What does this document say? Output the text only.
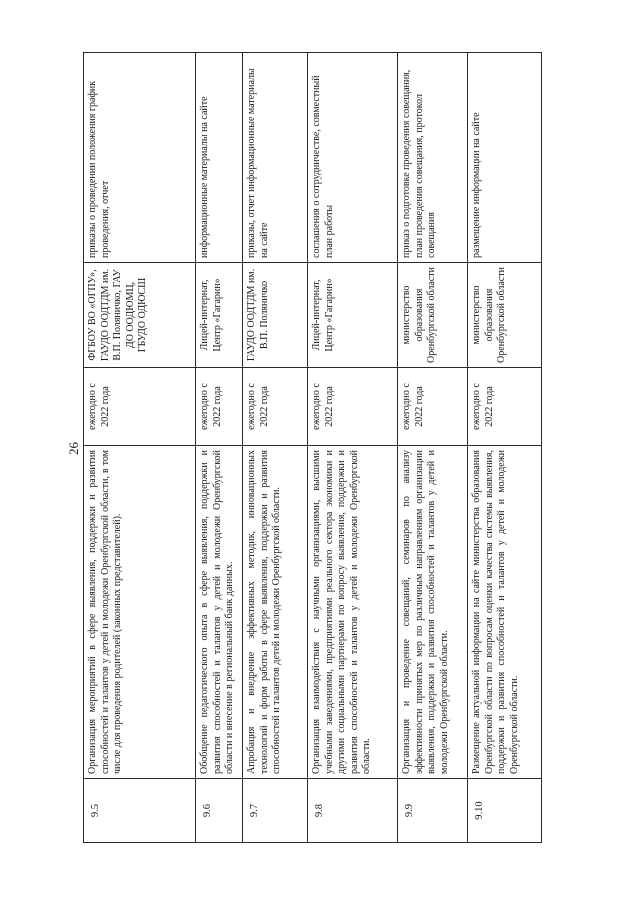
26
9.5	Организация мероприятий в сфере выявления, поддержки и развития способностей и талантов у детей и молодежи Оренбургской области, в том числе для проведения родителей (законных представителей).	ежегодно с 2022 года	ФГБОУ ВО «ОГПУ», ГАУДО ООДТДМ им. В.П. Поляничко, ГАУ ДО ООДЮМЦ, ГБУДО ОДЮСШ	приказы о проведении положения график проведения, отчет
9.6	Обобщение педагогического опыта в сфере выявления, поддержки и развития способностей и талантов у детей и молодежи Оренбургской области и внесение в региональный банк данных.	ежегодно с 2022 года	Лицей-интернат, Центр «Гагарин»	информационные материалы на сайте
9.7	Апробация и внедрение эффективных методик, инновационных технологий и форм работы в сфере выявления, поддержки и развития способностей и талантов детей и молодежи Оренбургской области.	ежегодно с 2022 года	ГАУДО ООДТДМ им. В.П. Поляничко	приказы, отчет информационные материалы на сайте
9.8	Организация взаимодействия с научными организациями, высшими учебными заведениями, предприятиями реального сектора экономики и другими социальными партнерами по вопросу выявления, поддержки и развития способностей и талантов у детей и молодежи Оренбургской области.	ежегодно с 2022 года	Лицей-интернат, Центр «Гагарин»	соглашения о сотрудничестве, совместный план работы
9.9	Организация и проведение совещаний, семинаров по анализу эффективности принятых мер по различным направлениям организации выявления, поддержки и развития способностей и талантов у детей и молодежи Оренбургской области.	ежегодно с 2022 года	министерство образования Оренбургской области	приказ о подготовке проведения совещания, план проведения совещания, протокол совещания
9.10	Размещение актуальной информации на сайте министерства образования Оренбургской области по вопросам оценки качества системы выявления, поддержки и развития способностей и талантов у детей и молодежи Оренбургской области.	ежегодно с 2022 года	министерство образования Оренбургской области	размещение информации на сайте
